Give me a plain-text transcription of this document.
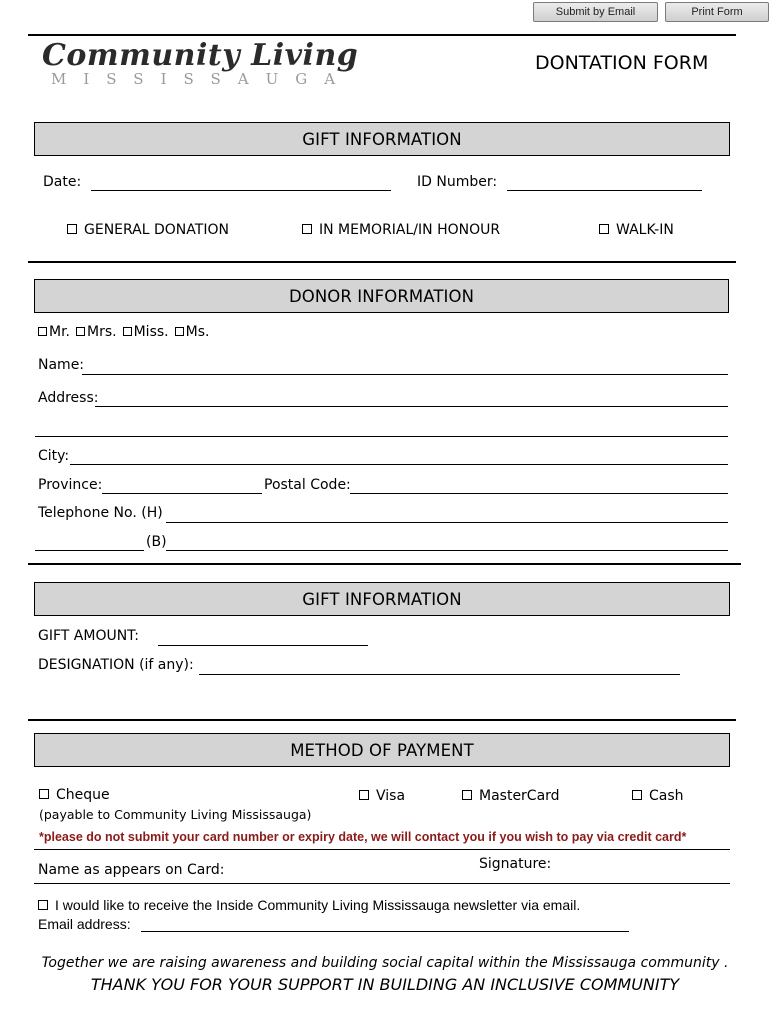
Submit by Email	Print Form
Community Living
MISSISSAUGA
DONTATION FORM
GIFT INFORMATION
Date:	ID Number:
GENERAL DONATION	IN MEMORIAL/IN HONOUR	WALK-IN
DONOR INFORMATION
Mr. Mrs. Miss. Ms.
Name:
Address:
City:
Province:	Postal Code:
Telephone No. (H)
(B)
GIFT INFORMATION
GIFT AMOUNT:
DESIGNATION (if any):
METHOD OF PAYMENT
Cheque
(payable to Community Living Mississauga)
Visa	MasterCard	Cash
*please do not submit your card number or expiry date, we will contact you if you wish to pay via credit card*
Name as appears on Card:	Signature:
I would like to receive the Inside Community Living Mississauga newsletter via email.
Email address:
Together we are raising awareness and building social capital within the Mississauga community .
THANK YOU FOR YOUR SUPPORT IN BUILDING AN INCLUSIVE COMMUNITY
